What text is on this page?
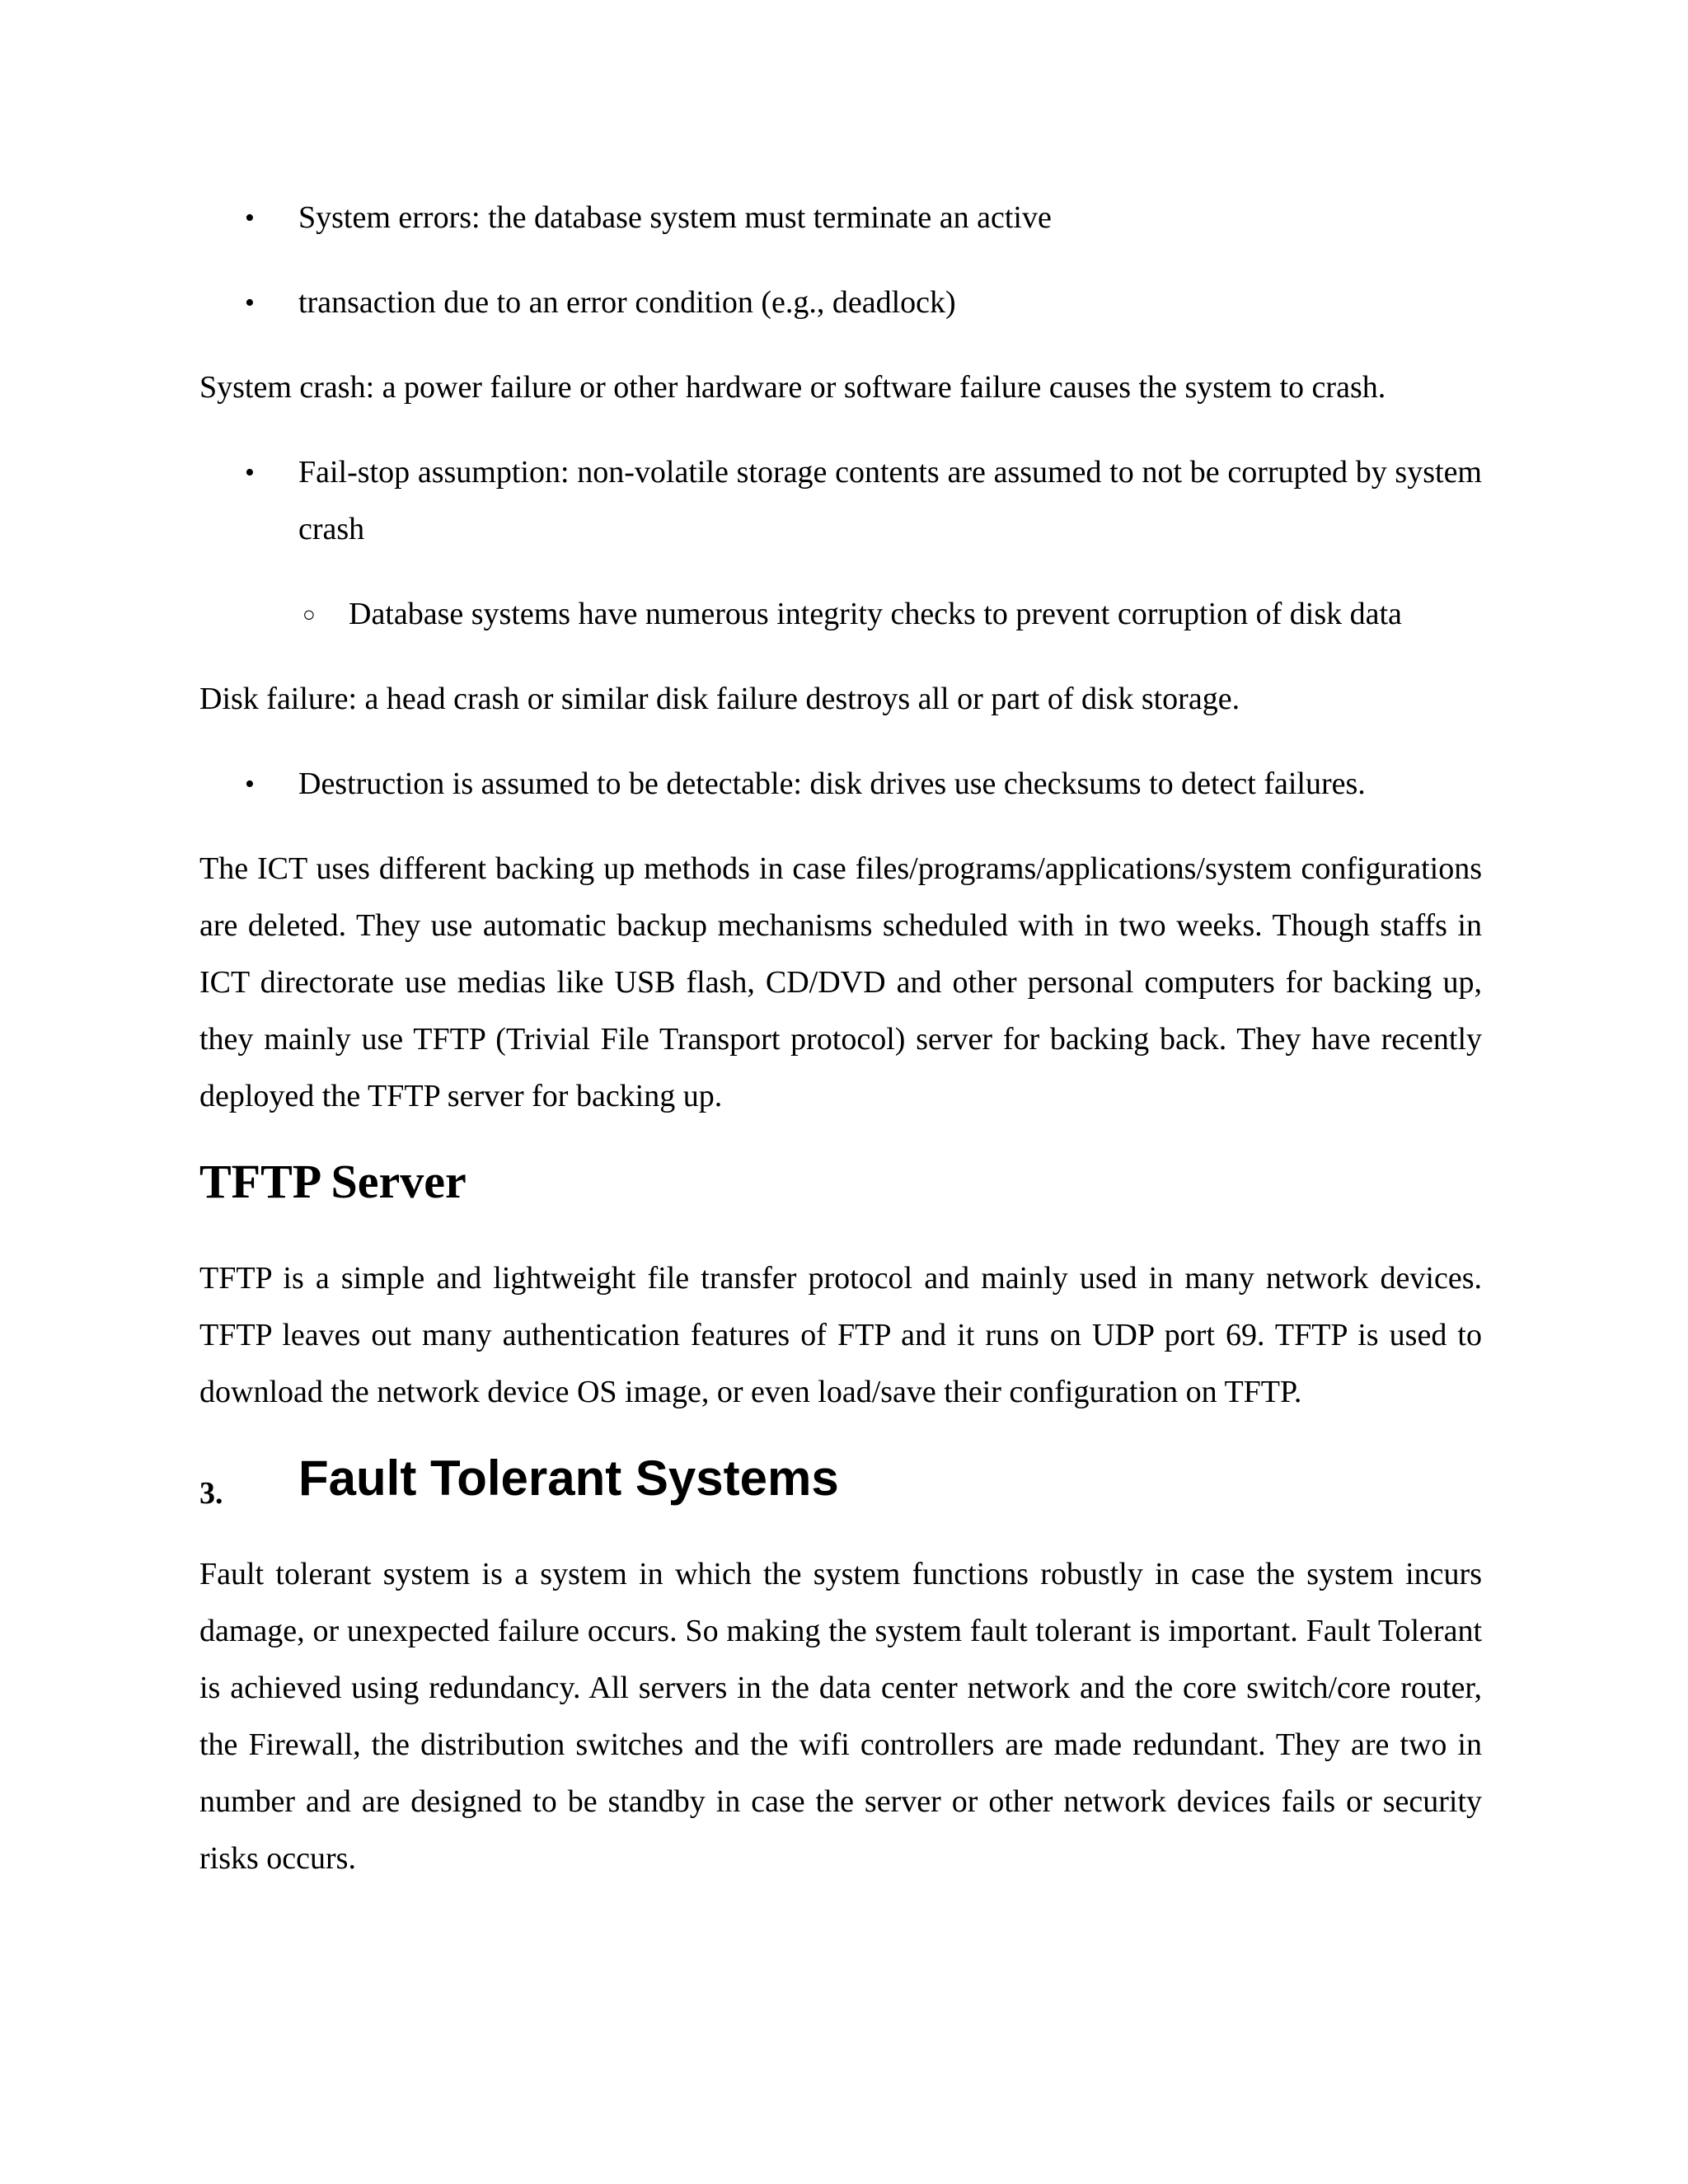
• System errors: the database system must terminate an active
• transaction due to an error condition (e.g., deadlock)

System crash: a power failure or other hardware or software failure causes the system to crash.

• Fail-stop assumption: non-volatile storage contents are assumed to not be corrupted by system crash
○ Database systems have numerous integrity checks to prevent corruption of disk data

Disk failure: a head crash or similar disk failure destroys all or part of disk storage.

• Destruction is assumed to be detectable: disk drives use checksums to detect failures.

The ICT uses different backing up methods in case files/programs/applications/system configurations are deleted. They use automatic backup mechanisms scheduled with in two weeks. Though staffs in ICT directorate use medias like USB flash, CD/DVD and other personal computers for backing up, they mainly use TFTP (Trivial File Transport protocol) server for backing back. They have recently deployed the TFTP server for backing up.

TFTP Server

TFTP is a simple and lightweight file transfer protocol and mainly used in many network devices. TFTP leaves out many authentication features of FTP and it runs on UDP port 69. TFTP is used to download the network device OS image, or even load/save their configuration on TFTP.

3. Fault Tolerant Systems

Fault tolerant system is a system in which the system functions robustly in case the system incurs damage, or unexpected failure occurs. So making the system fault tolerant is important. Fault Tolerant is achieved using redundancy. All servers in the data center network and the core switch/core router, the Firewall, the distribution switches and the wifi controllers are made redundant. They are two in number and are designed to be standby in case the server or other network devices fails or security risks occurs.
